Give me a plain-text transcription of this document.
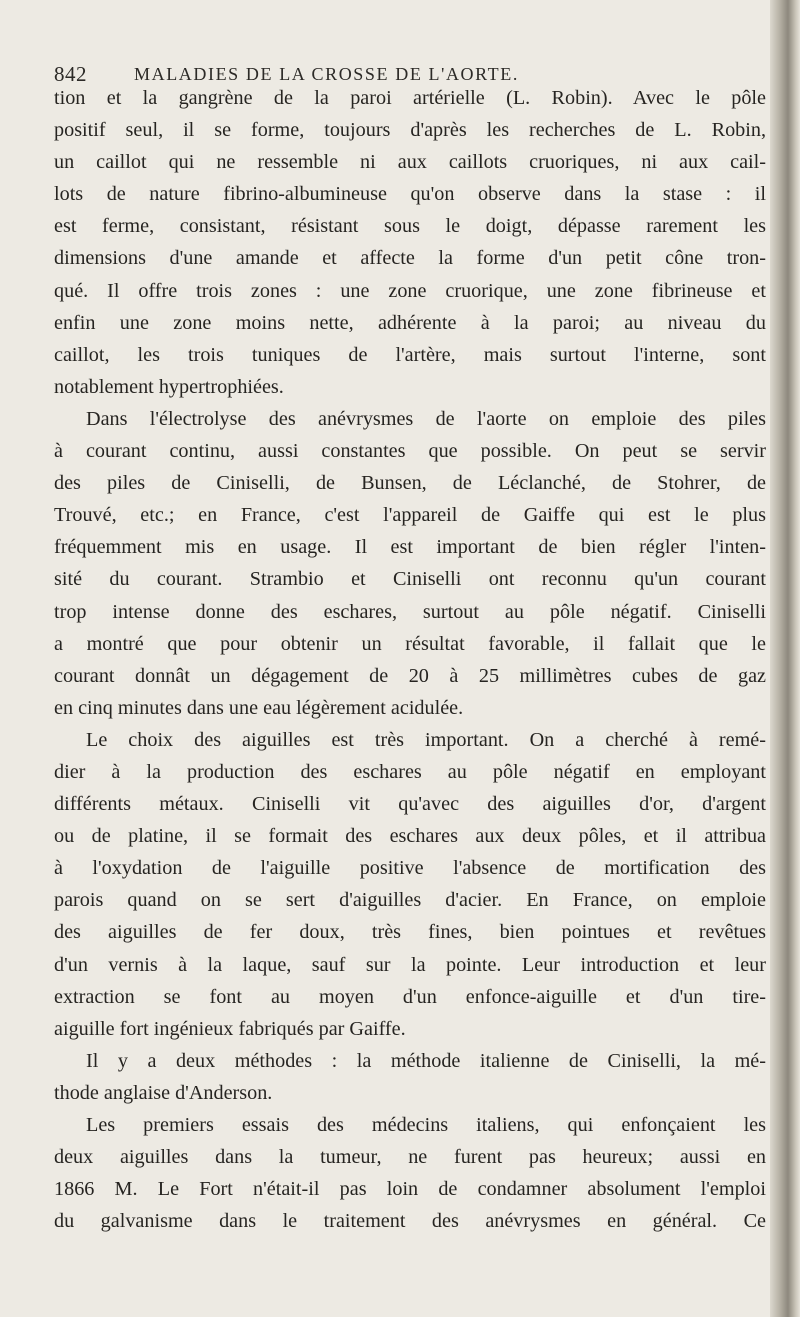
842	MALADIES DE LA CROSSE DE L'AORTE.
tion et la gangrène de la paroi artérielle (L. Robin). Avec le pôle
positif seul, il se forme, toujours d'après les recherches de L. Robin,
un caillot qui ne ressemble ni aux caillots cruoriques, ni aux cail-
lots de nature fibrino-albumineuse qu'on observe dans la stase : il
est ferme, consistant, résistant sous le doigt, dépasse rarement les
dimensions d'une amande et affecte la forme d'un petit cône tron-
qué. Il offre trois zones : une zone cruorique, une zone fibrineuse et
enfin une zone moins nette, adhérente à la paroi; au niveau du
caillot, les trois tuniques de l'artère, mais surtout l'interne, sont
notablement hypertrophiées.
Dans l'électrolyse des anévrysmes de l'aorte on emploie des piles
à courant continu, aussi constantes que possible. On peut se servir
des piles de Ciniselli, de Bunsen, de Léclanché, de Stohrer, de
Trouvé, etc.; en France, c'est l'appareil de Gaiffe qui est le plus
fréquemment mis en usage. Il est important de bien régler l'inten-
sité du courant. Strambio et Ciniselli ont reconnu qu'un courant
trop intense donne des eschares, surtout au pôle négatif. Ciniselli
a montré que pour obtenir un résultat favorable, il fallait que le
courant donnât un dégagement de 20 à 25 millimètres cubes de gaz
en cinq minutes dans une eau légèrement acidulée.
Le choix des aiguilles est très important. On a cherché à remé-
dier à la production des eschares au pôle négatif en employant
différents métaux. Ciniselli vit qu'avec des aiguilles d'or, d'argent
ou de platine, il se formait des eschares aux deux pôles, et il attribua
à l'oxydation de l'aiguille positive l'absence de mortification des
parois quand on se sert d'aiguilles d'acier. En France, on emploie
des aiguilles de fer doux, très fines, bien pointues et revêtues
d'un vernis à la laque, sauf sur la pointe. Leur introduction et leur
extraction se font au moyen d'un enfonce-aiguille et d'un tire-
aiguille fort ingénieux fabriqués par Gaiffe.
Il y a deux méthodes : la méthode italienne de Ciniselli, la mé-
thode anglaise d'Anderson.
Les premiers essais des médecins italiens, qui enfonçaient les
deux aiguilles dans la tumeur, ne furent pas heureux; aussi en
1866 M. Le Fort n'était-il pas loin de condamner absolument l'emploi
du galvanisme dans le traitement des anévrysmes en général. Ce
